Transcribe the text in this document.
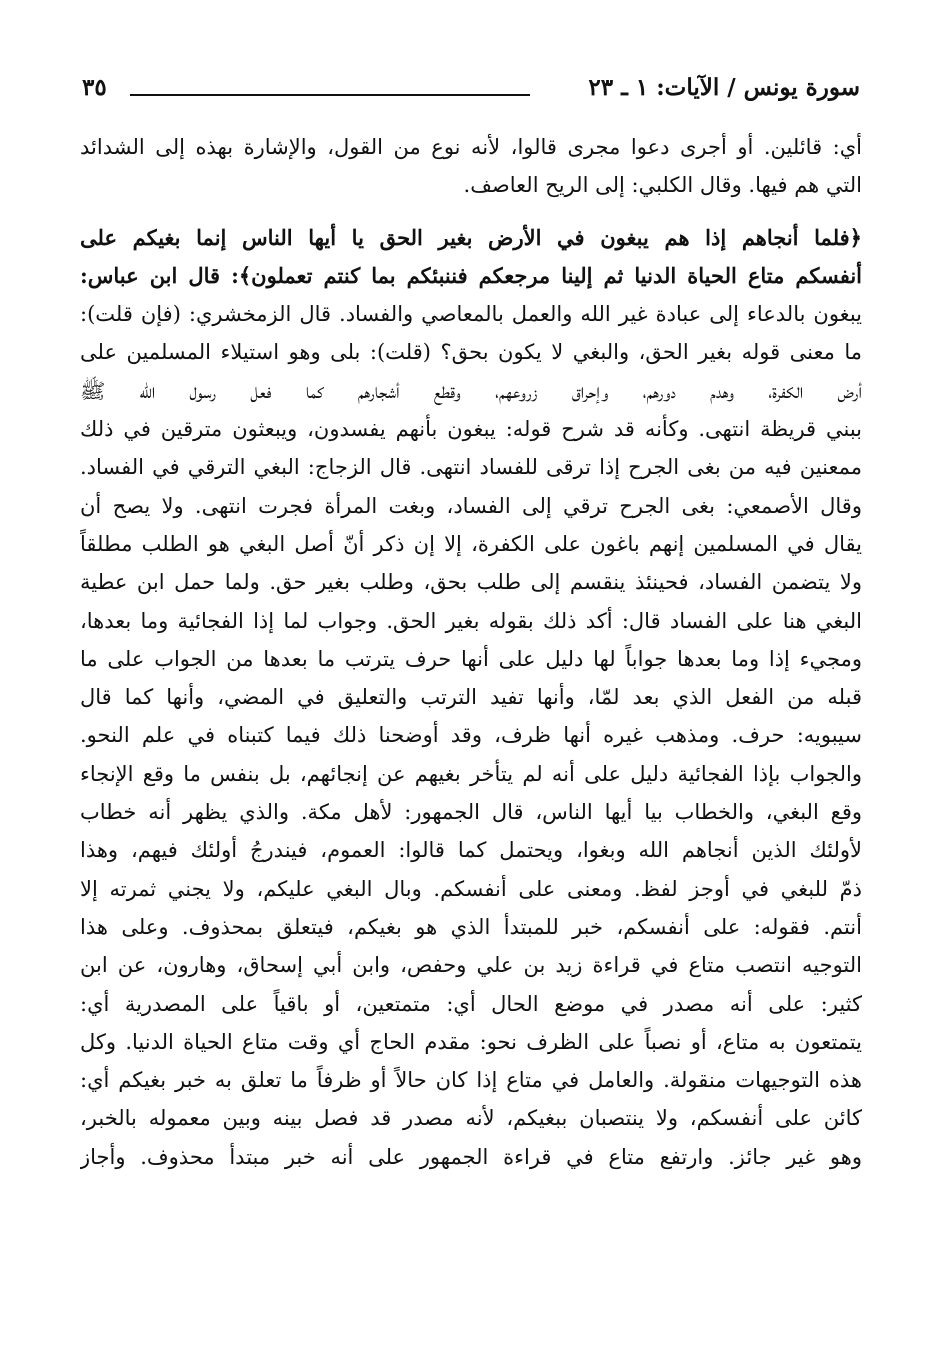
سورة يونس / الآيات: ١ ـ ٢٣
٣٥
أي: قائلين. أو أجرى دعوا مجرى قالوا، لأنه نوع من القول، والإشارة بهذه إلى الشدائد
التي هم فيها. وقال الكلبي: إلى الريح العاصف.
﴿فلما أنجاهم إذا هم يبغون في الأرض بغير الحق يا أيها الناس إنما بغيكم على
أنفسكم متاع الحياة الدنيا ثم إلينا مرجعكم فننبئكم بما كنتم تعملون﴾: قال ابن عباس:
يبغون بالدعاء إلى عبادة غير الله والعمل بالمعاصي والفساد. قال الزمخشري: (فإن قلت):
ما معنى قوله بغير الحق، والبغي لا يكون بحق؟ (قلت): بلى وهو استيلاء المسلمين على
أرض الكفرة، وهدم دورهم، وإحراق زروعهم، وقطع أشجارهم كما فعل رسول الله ﷺ
ببني قريظة انتهى. وكأنه قد شرح قوله: يبغون بأنهم يفسدون، ويبعثون مترقين في ذلك
ممعنين فيه من بغى الجرح إذا ترقى للفساد انتهى. قال الزجاج: البغي الترقي في الفساد.
وقال الأصمعي: بغى الجرح ترقي إلى الفساد، وبغت المرأة فجرت انتهى. ولا يصح أن
يقال في المسلمين إنهم باغون على الكفرة، إلا إن ذكر أنّ أصل البغي هو الطلب مطلقاً
ولا يتضمن الفساد، فحينئذ ينقسم إلى طلب بحق، وطلب بغير حق. ولما حمل ابن عطية
البغي هنا على الفساد قال: أكد ذلك بقوله بغير الحق. وجواب لما إذا الفجائية وما بعدها،
ومجيء إذا وما بعدها جواباً لها دليل على أنها حرف يترتب ما بعدها من الجواب على ما
قبله من الفعل الذي بعد لمّا، وأنها تفيد الترتب والتعليق في المضي، وأنها كما قال
سيبويه: حرف. ومذهب غيره أنها ظرف، وقد أوضحنا ذلك فيما كتبناه في علم النحو.
والجواب بإذا الفجائية دليل على أنه لم يتأخر بغيهم عن إنجائهم، بل بنفس ما وقع الإنجاء
وقع البغي، والخطاب بيا أيها الناس، قال الجمهور: لأهل مكة. والذي يظهر أنه خطاب
لأولئك الذين أنجاهم الله وبغوا، ويحتمل كما قالوا: العموم، فيندرجُ أولئك فيهم، وهذا
ذمّ للبغي في أوجز لفظ. ومعنى على أنفسكم. وبال البغي عليكم، ولا يجني ثمرته إلا
أنتم. فقوله: على أنفسكم، خبر للمبتدأ الذي هو بغيكم، فيتعلق بمحذوف. وعلى هذا
التوجيه انتصب متاع في قراءة زيد بن علي وحفص، وابن أبي إسحاق، وهارون، عن ابن
كثير: على أنه مصدر في موضع الحال أي: متمتعين، أو باقياً على المصدرية أي:
يتمتعون به متاع، أو نصباً على الظرف نحو: مقدم الحاج أي وقت متاع الحياة الدنيا. وكل
هذه التوجيهات منقولة. والعامل في متاع إذا كان حالاً أو ظرفاً ما تعلق به خبر بغيكم أي:
كائن على أنفسكم، ولا ينتصبان ببغيكم، لأنه مصدر قد فصل بينه وبين معموله بالخبر،
وهو غير جائز. وارتفع متاع في قراءة الجمهور على أنه خبر مبتدأ محذوف. وأجاز
